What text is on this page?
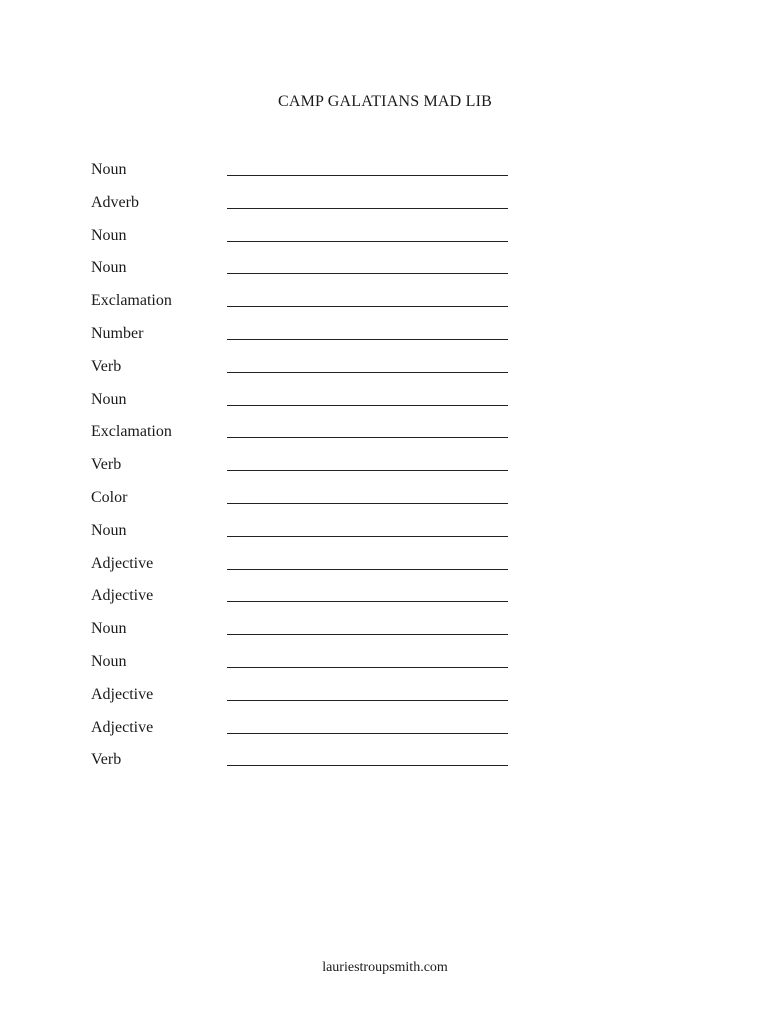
CAMP GALATIANS MAD LIB
Noun
Adverb
Noun
Noun
Exclamation
Number
Verb
Noun
Exclamation
Verb
Color
Noun
Adjective
Adjective
Noun
Noun
Adjective
Adjective
Verb
lauriestroupsmith.com
